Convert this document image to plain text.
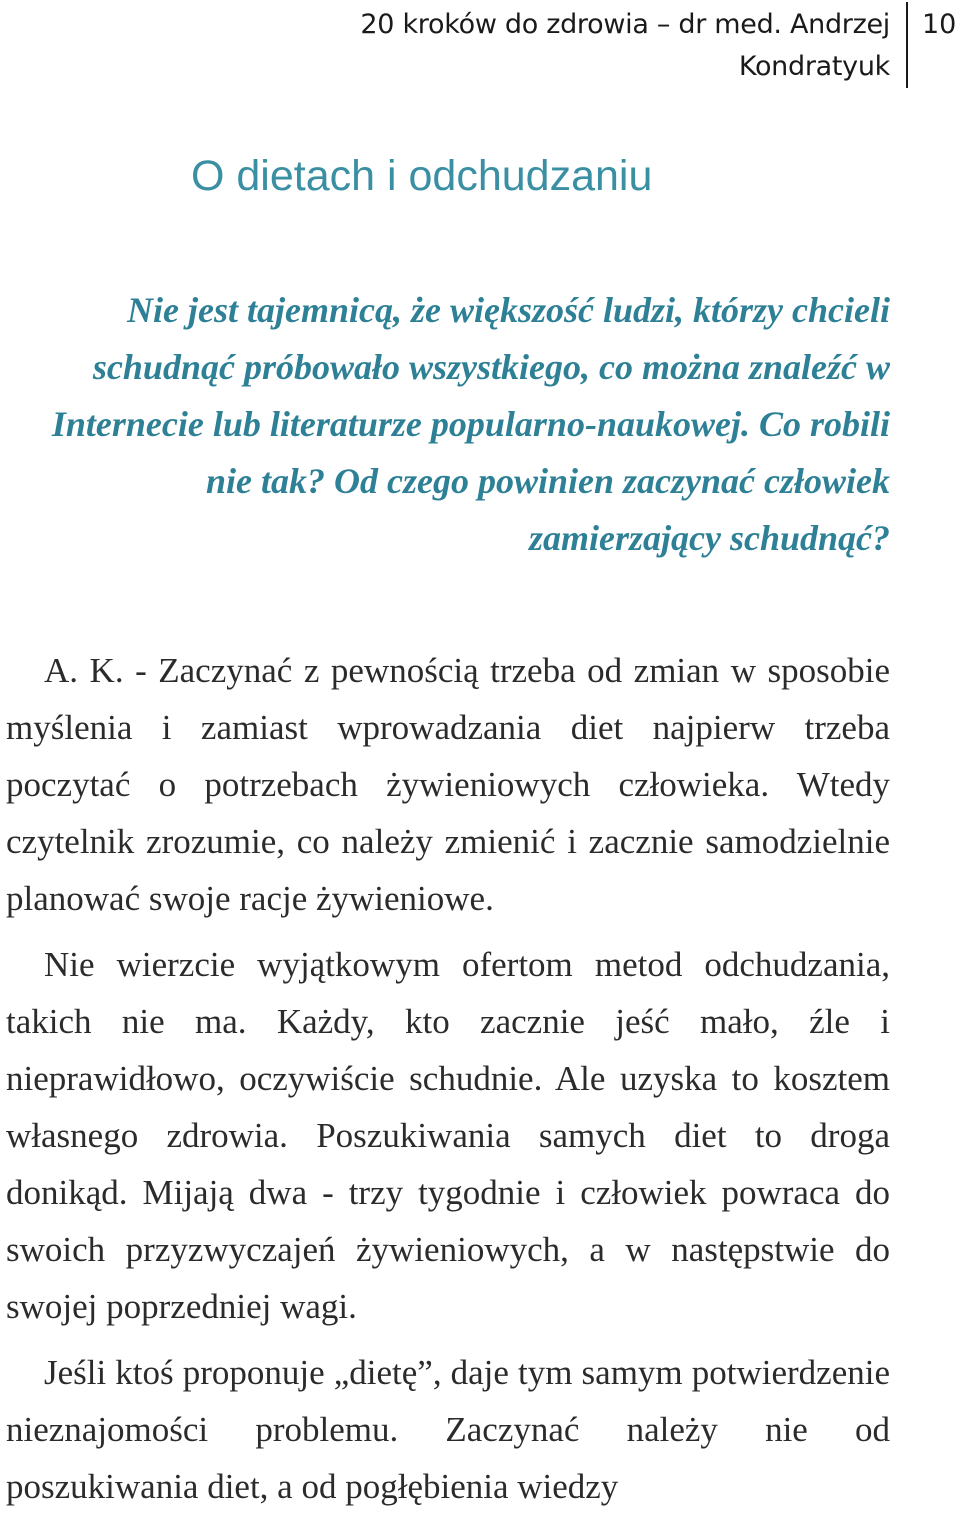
20 kroków do zdrowia – dr med. Andrzej Kondratyuk
10
O dietach i odchudzaniu

Nie jest tajemnicą, że większość ludzi, którzy chcieli schudnąć próbowało wszystkiego, co można znaleźć w Internecie lub literaturze popularno-naukowej. Co robili nie tak? Od czego powinien zaczynać człowiek zamierzający schudnąć?

A. K. - Zaczynać z pewnością trzeba od zmian w sposobie myślenia i zamiast wprowadzania diet najpierw trzeba poczytać o potrzebach żywieniowych człowieka. Wtedy czytelnik zrozumie, co należy zmienić i zacznie samodzielnie planować swoje racje żywieniowe.

Nie wierzcie wyjątkowym ofertom metod odchudzania, takich nie ma. Każdy, kto zacznie jeść mało, źle i nieprawidłowo, oczywiście schudnie. Ale uzyska to kosztem własnego zdrowia. Poszukiwania samych diet to droga donikąd. Mijają dwa - trzy tygodnie i człowiek powraca do swoich przyzwyczajeń żywieniowych, a w następstwie do swojej poprzedniej wagi.

Jeśli ktoś proponuje „dietę”, daje tym samym potwierdzenie nieznajomości problemu. Zaczynać należy nie od poszukiwania diet, a od pogłębienia wiedzy
